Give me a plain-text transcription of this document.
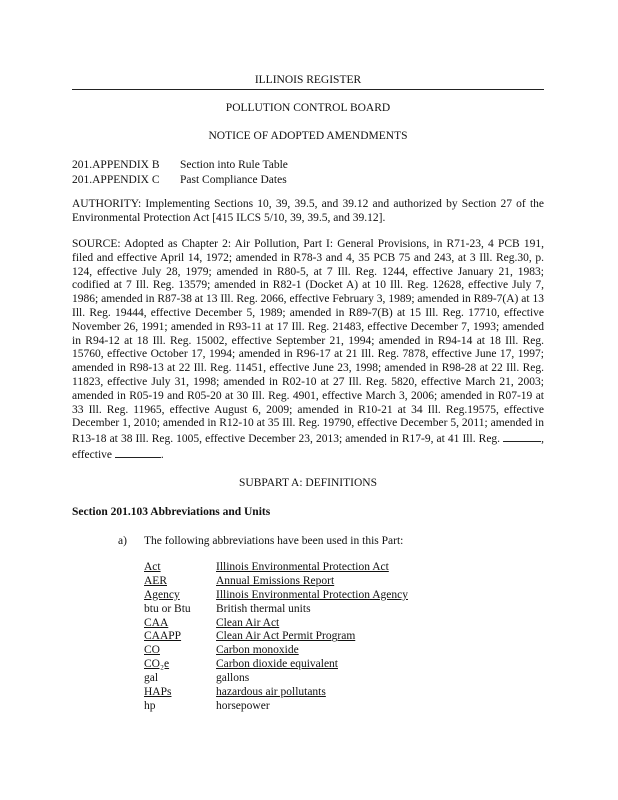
ILLINOIS REGISTER
POLLUTION CONTROL BOARD
NOTICE OF ADOPTED AMENDMENTS
201.APPENDIX B	Section into Rule Table
201.APPENDIX C	Past Compliance Dates

AUTHORITY: Implementing Sections 10, 39, 39.5, and 39.12 and authorized by Section 27 of the Environmental Protection Act [415 ILCS 5/10, 39, 39.5, and 39.12].

SOURCE: Adopted as Chapter 2: Air Pollution, Part I: General Provisions, in R71-23, 4 PCB 191, filed and effective April 14, 1972; amended in R78-3 and 4, 35 PCB 75 and 243, at 3 Ill. Reg.30, p. 124, effective July 28, 1979; amended in R80-5, at 7 Ill. Reg. 1244, effective January 21, 1983; codified at 7 Ill. Reg. 13579; amended in R82-1 (Docket A) at 10 Ill. Reg. 12628, effective July 7, 1986; amended in R87-38 at 13 Ill. Reg. 2066, effective February 3, 1989; amended in R89-7(A) at 13 Ill. Reg. 19444, effective December 5, 1989; amended in R89-7(B) at 15 Ill. Reg. 17710, effective November 26, 1991; amended in R93-11 at 17 Ill. Reg. 21483, effective December 7, 1993; amended in R94-12 at 18 Ill. Reg. 15002, effective September 21, 1994; amended in R94-14 at 18 Ill. Reg. 15760, effective October 17, 1994; amended in R96-17 at 21 Ill. Reg. 7878, effective June 17, 1997; amended in R98-13 at 22 Ill. Reg. 11451, effective June 23, 1998; amended in R98-28 at 22 Ill. Reg. 11823, effective July 31, 1998; amended in R02-10 at 27 Ill. Reg. 5820, effective March 21, 2003; amended in R05-19 and R05-20 at 30 Ill. Reg. 4901, effective March 3, 2006; amended in R07-19 at 33 Ill. Reg. 11965, effective August 6, 2009; amended in R10-21 at 34 Ill. Reg.19575, effective December 1, 2010; amended in R12-10 at 35 Ill. Reg. 19790, effective December 5, 2011; amended in R13-18 at 38 Ill. Reg. 1005, effective December 23, 2013; amended in R17-9, at 41 Ill. Reg.	, effective	.

SUBPART A: DEFINITIONS
Section 201.103 Abbreviations and Units
a) The following abbreviations have been used in this Part:
Act	Illinois Environmental Protection Act
AER	Annual Emissions Report
Agency	Illinois Environmental Protection Agency
btu or Btu	British thermal units
CAA	Clean Air Act
CAAPP	Clean Air Act Permit Program
CO	Carbon monoxide
CO₂e	Carbon dioxide equivalent
gal	gallons
HAPs	hazardous air pollutants
hp	horsepower
